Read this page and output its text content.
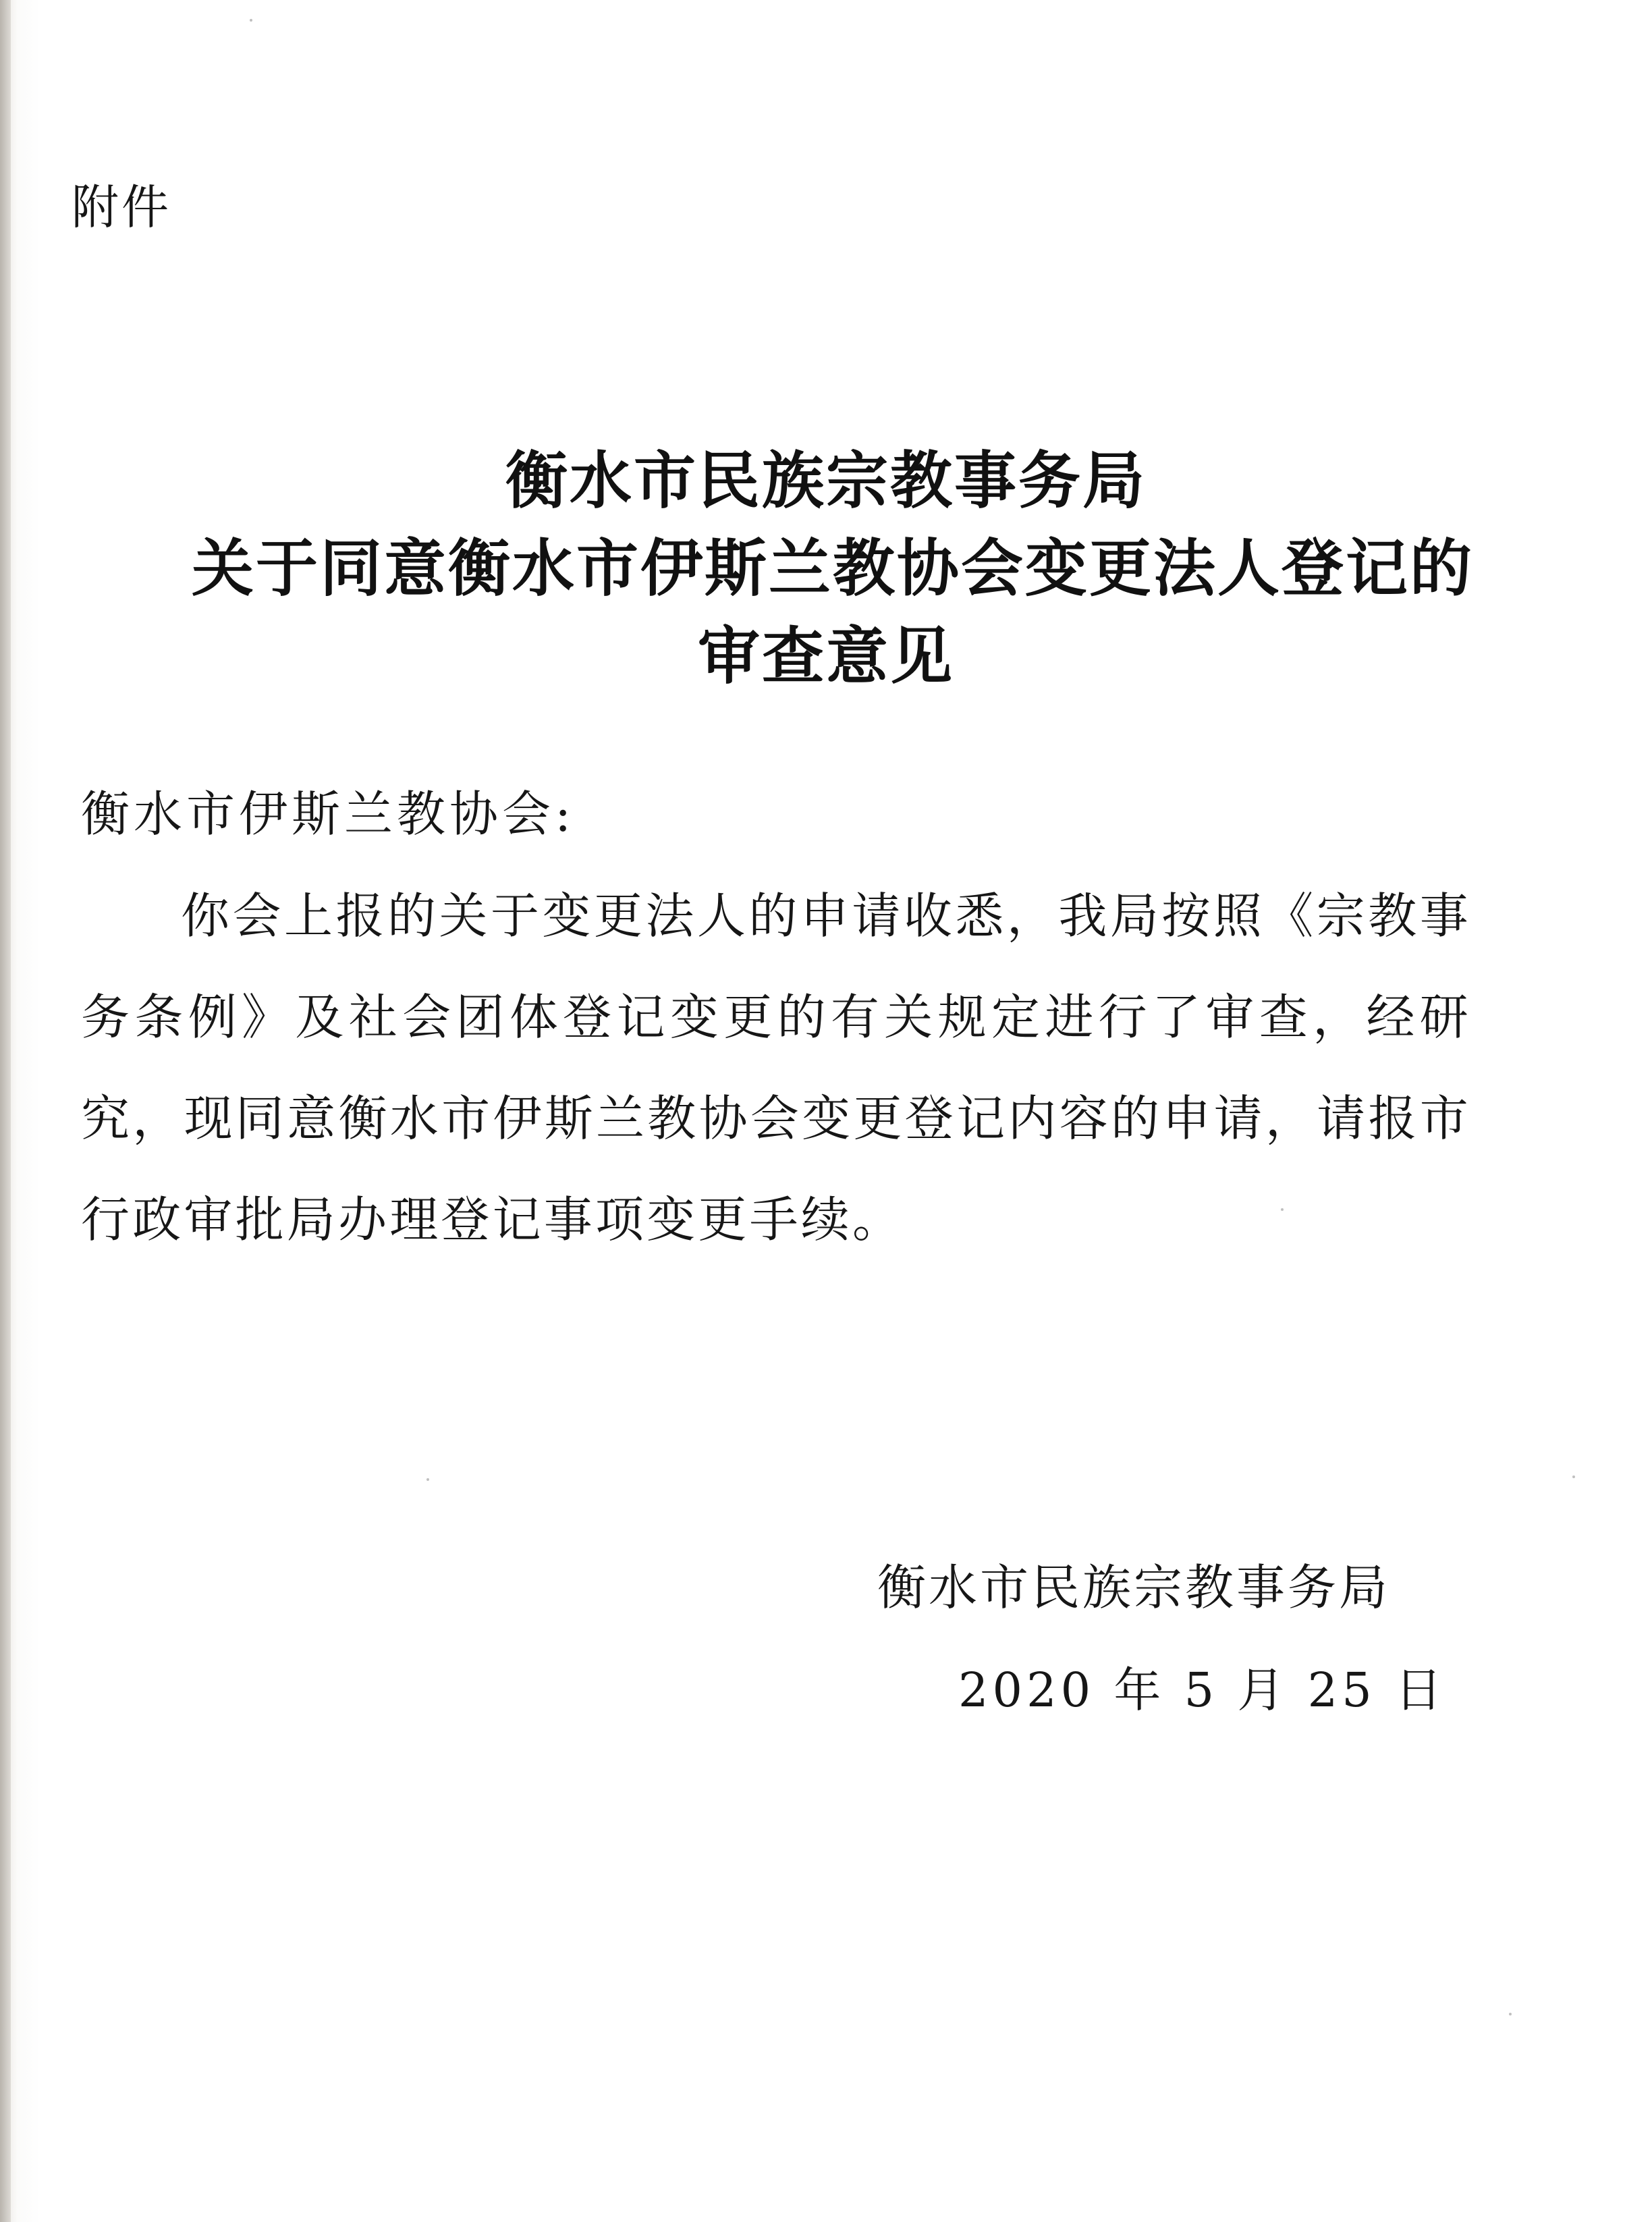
附件
衡水市民族宗教事务局
关于同意衡水市伊斯兰教协会变更法人登记的
审查意见
衡水市伊斯兰教协会:

你会上报的关于变更法人的申请收悉，我局按照《宗教事务条例》及社会团体登记变更的有关规定进行了审查，经研究，现同意衡水市伊斯兰教协会变更登记内容的申请，请报市行政审批局办理登记事项变更手续。

衡水市民族宗教事务局
2020 年 5 月 25 日
